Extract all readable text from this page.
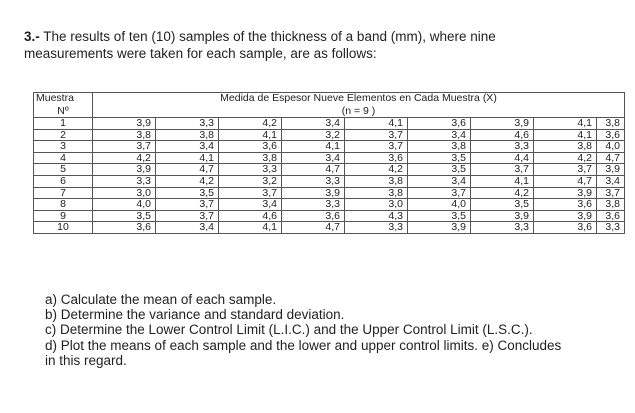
3.- The results of ten (10) samples of the thickness of a band (mm), where nine measurements were taken for each sample, are as follows:
Muestra	Medida de Espesor Nueve Elementos en Cada Muestra (X)								
Nº	(n = 9 )								
1	3,9	3,3	4,2	3,4	4,1	3,6	3,9	4,1	3,8
2	3,8	3,8	4,1	3,2	3,7	3,4	4,6	4,1	3,6
3	3,7	3,4	3,6	4,1	3,7	3,8	3,3	3,8	4,0
4	4,2	4,1	3,8	3,4	3,6	3,5	4,4	4,2	4,7
5	3,9	4,7	3,3	4,7	4,2	3,5	3,7	3,7	3,9
6	3,3	4,2	3,2	3,3	3,8	3,4	4,1	4,7	3,4
7	3,0	3,5	3,7	3,9	3,8	3,7	4,2	3,9	3,7
8	4,0	3,7	3,4	3,3	3,0	4,0	3,5	3,6	3,8
9	3,5	3,7	4,6	3,6	4,3	3,5	3,9	3,9	3,6
10	3,6	3,4	4,1	4,7	3,3	3,9	3,3	3,6	3,3
a) Calculate the mean of each sample.
b) Determine the variance and standard deviation.
c) Determine the Lower Control Limit (L.I.C.) and the Upper Control Limit (L.S.C.).
d) Plot the means of each sample and the lower and upper control limits. e) Concludes in this regard.
